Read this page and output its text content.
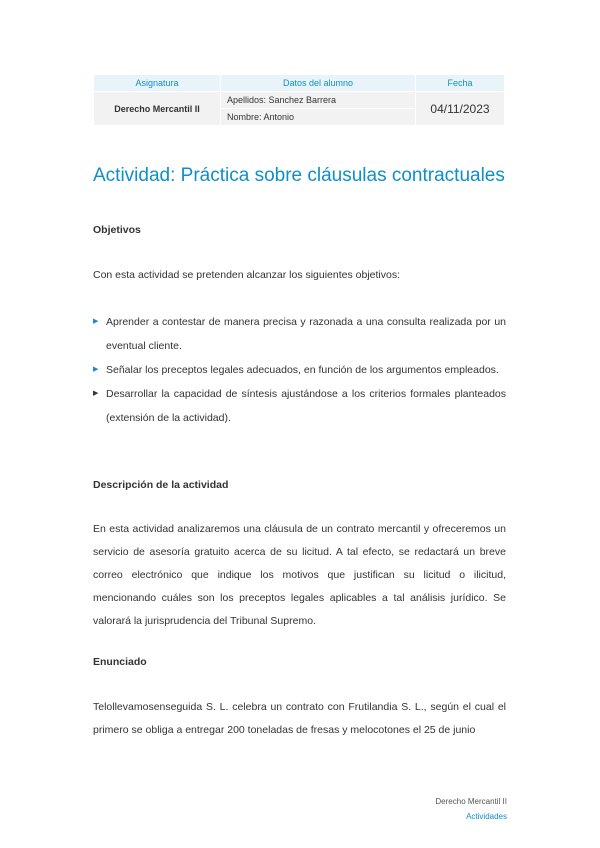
Asignatura	Datos del alumno	Fecha
Derecho Mercantil II	Apellidos: Sanchez Barrera	04/11/2023
	Nombre: Antonio	
Actividad: Práctica sobre cláusulas contractuales
Objetivos

Con esta actividad se pretenden alcanzar los siguientes objetivos:

▶ Aprender a contestar de manera precisa y razonada a una consulta realizada por un eventual cliente.
▶ Señalar los preceptos legales adecuados, en función de los argumentos empleados.
▶ Desarrollar la capacidad de síntesis ajustándose a los criterios formales planteados (extensión de la actividad).
Descripción de la actividad

En esta actividad analizaremos una cláusula de un contrato mercantil y ofreceremos un servicio de asesoría gratuito acerca de su licitud. A tal efecto, se redactará un breve correo electrónico que indique los motivos que justifican su licitud o ilicitud, mencionando cuáles son los preceptos legales aplicables a tal análisis jurídico. Se valorará la jurisprudencia del Tribunal Supremo.

Enunciado

Telollevamosenseguida S. L. celebra un contrato con Frutilandia S. L., según el cual el primero se obliga a entregar 200 toneladas de fresas y melocotones el 25 de junio

Derecho Mercantil II
Actividades
